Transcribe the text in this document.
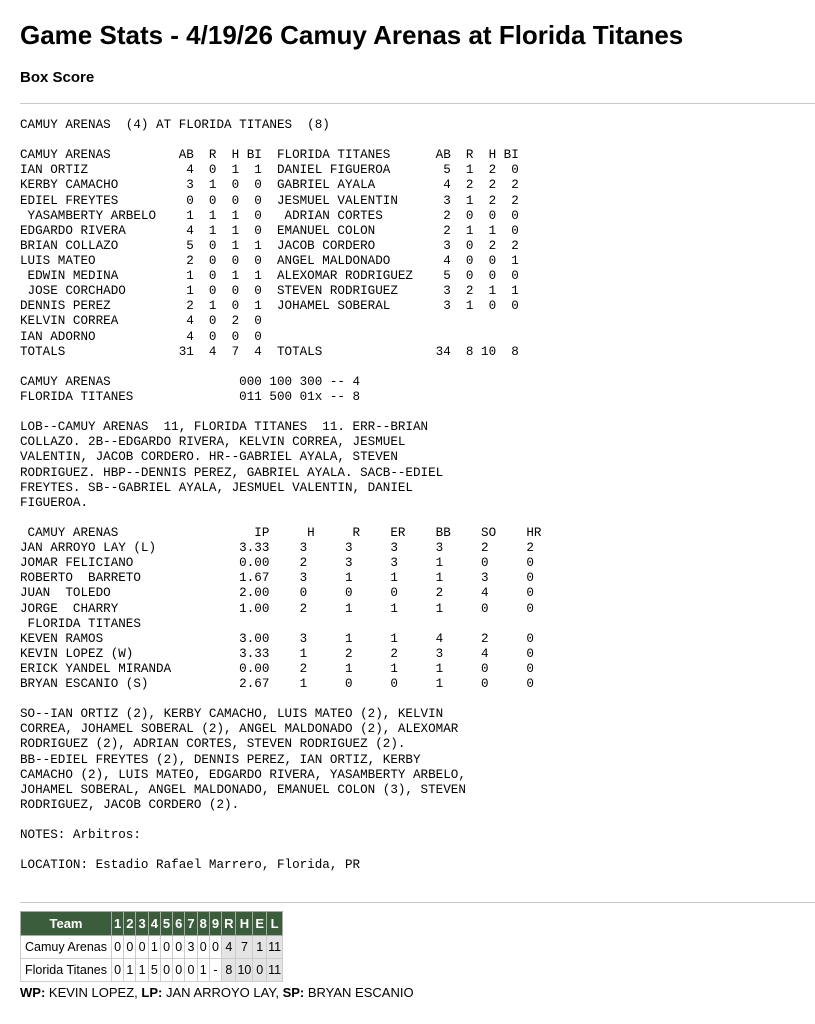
Game Stats - 4/19/26 Camuy Arenas at Florida Titanes
Box Score
CAMUY ARENAS  (4) AT FLORIDA TITANES  (8)
CAMUY ARENAS         AB  R  H BI  FLORIDA TITANES      AB  R  H BI
IAN ORTIZ             4  0  1  1  DANIEL FIGUEROA       5  1  2  0
KERBY CAMACHO         3  1  0  0  GABRIEL AYALA         4  2  2  2
EDIEL FREYTES         0  0  0  0  JESMUEL VALENTIN      3  1  2  2
YASAMBERTY ARBELO    1  1  1  0   ADRIAN CORTES        2  0  0  0
EDGARDO RIVERA        4  1  1  0  EMANUEL COLON         2  1  1  0
BRIAN COLLAZO         5  0  1  1  JACOB CORDERO         3  0  2  2
LUIS MATEO            2  0  0  0  ANGEL MALDONADO       4  0  0  1
EDWIN MEDINA         1  0  1  1  ALEXOMAR RODRIGUEZ    5  0  0  0
JOSE CORCHADO        1  0  0  0  STEVEN RODRIGUEZ      3  2  1  1
DENNIS PEREZ          2  1  0  1  JOHAMEL SOBERAL       3  1  0  0
KELVIN CORREA         4  0  2  0
IAN ADORNO            4  0  0  0
TOTALS               31  4  7  4  TOTALS               34  8 10  8
CAMUY ARENAS                 000 100 300 -- 4
FLORIDA TITANES              011 500 01x -- 8
LOB--CAMUY ARENAS  11, FLORIDA TITANES  11. ERR--BRIAN
COLLAZO. 2B--EDGARDO RIVERA, KELVIN CORREA, JESMUEL
VALENTIN, JACOB CORDERO. HR--GABRIEL AYALA, STEVEN
RODRIGUEZ. HBP--DENNIS PEREZ, GABRIEL AYALA. SACB--EDIEL
FREYTES. SB--GABRIEL AYALA, JESMUEL VALENTIN, DANIEL
FIGUEROA.
CAMUY ARENAS                  IP     H     R    ER    BB    SO    HR
JAN ARROYO LAY (L)           3.33    3     3     3     3     2     2
JOMAR FELICIANO              0.00    2     3     3     1     0     0
ROBERTO  BARRETO             1.67    3     1     1     1     3     0
JUAN  TOLEDO                 2.00    0     0     0     2     4     0
JORGE  CHARRY                1.00    2     1     1     1     0     0
FLORIDA TITANES
KEVEN RAMOS                  3.00    3     1     1     4     2     0
KEVIN LOPEZ (W)              3.33    1     2     2     3     4     0
ERICK YANDEL MIRANDA         0.00    2     1     1     1     0     0
BRYAN ESCANIO (S)            2.67    1     0     0     1     0     0
SO--IAN ORTIZ (2), KERBY CAMACHO, LUIS MATEO (2), KELVIN
CORREA, JOHAMEL SOBERAL (2), ANGEL MALDONADO (2), ALEXOMAR
RODRIGUEZ (2), ADRIAN CORTES, STEVEN RODRIGUEZ (2).
BB--EDIEL FREYTES (2), DENNIS PEREZ, IAN ORTIZ, KERBY
CAMACHO (2), LUIS MATEO, EDGARDO RIVERA, YASAMBERTY ARBELO,
JOHAMEL SOBERAL, ANGEL MALDONADO, EMANUEL COLON (3), STEVEN
RODRIGUEZ, JACOB CORDERO (2).
NOTES: Arbitros:
LOCATION: Estadio Rafael Marrero, Florida, PR
Team	1	2	3	4	5	6	7	8	9	R	H	E	L
Camuy Arenas	0	0	0	1	0	0	3	0	0	4	7	1	11
Florida Titanes	0	1	1	5	0	0	0	1	-	8	10	0	11
WP: KEVIN LOPEZ, LP: JAN ARROYO LAY, SP: BRYAN ESCANIO
